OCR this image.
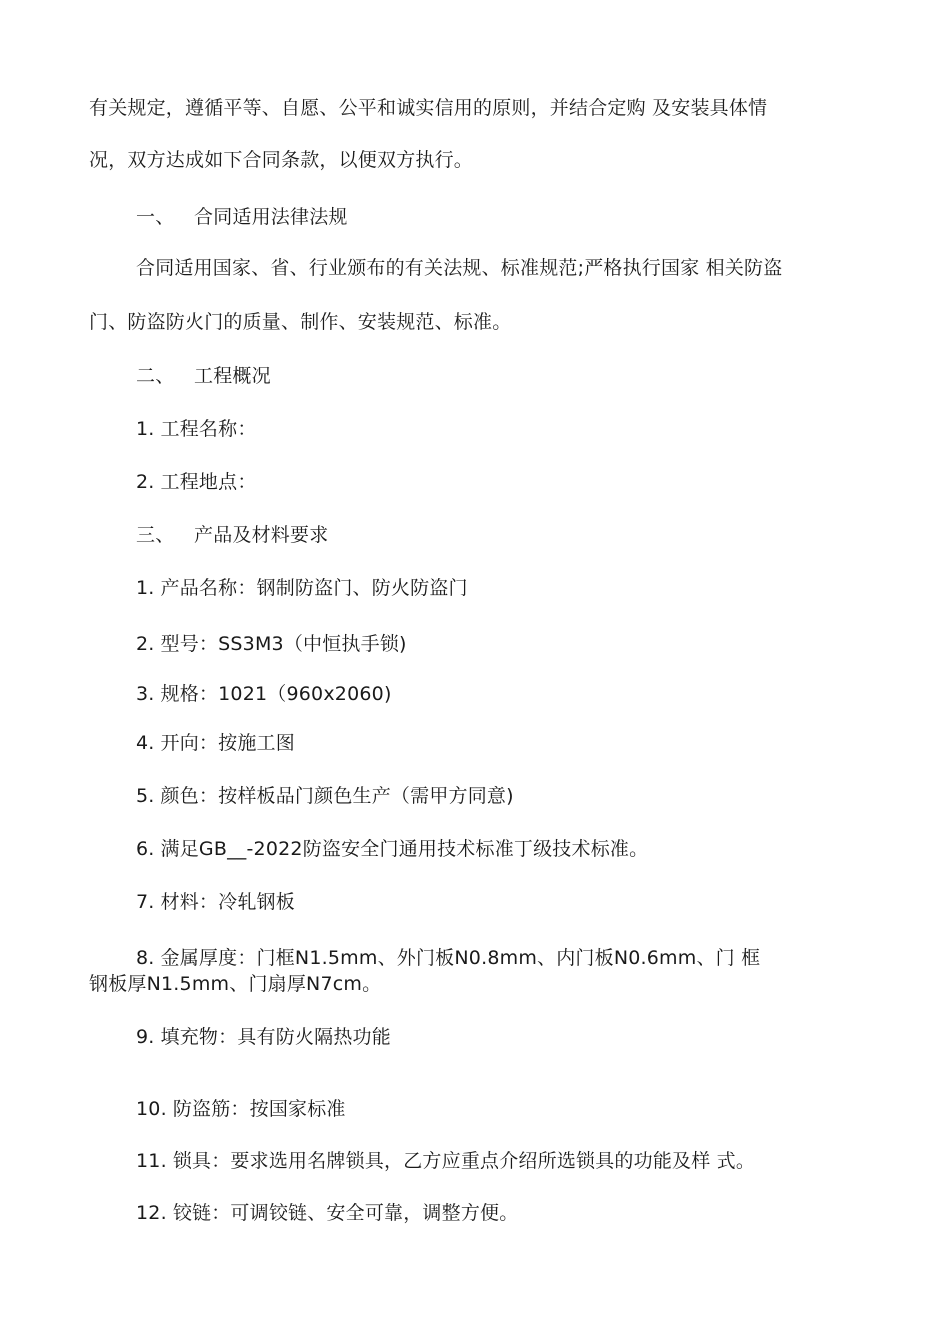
有关规定，遵循平等、自愿、公平和诚实信用的原则，并结合定购 及安装具体情
况，双方达成如下合同条款，以便双方执行。
一、 合同适用法律法规
合同适用国家、省、行业颁布的有关法规、标准规范;严格执行国家 相关防盗
门、防盗防火门的质量、制作、安装规范、标准。
二、 工程概况
1. 工程名称：
2. 工程地点：
三、 产品及材料要求
1. 产品名称：钢制防盗门、防火防盗门
2. 型号：SS3M3（中恒执手锁)
3. 规格：1021（960x2060)
4. 开向：按施工图
5. 颜色：按样板品门颜色生产（需甲方同意)
6. 满足GB__-2022防盗安全门通用技术标准丁级技术标准。
7. 材料：冷轧钢板
8. 金属厚度：门框N1.5mm、外门板N0.8mm、内门板N0.6mm、门 框
钢板厚N1.5mm、门扇厚N7cm。
9. 填充物：具有防火隔热功能
10. 防盗筋：按国家标准
11. 锁具：要求选用名牌锁具，乙方应重点介绍所选锁具的功能及样 式。
12. 铰链：可调铰链、安全可靠，调整方便。
